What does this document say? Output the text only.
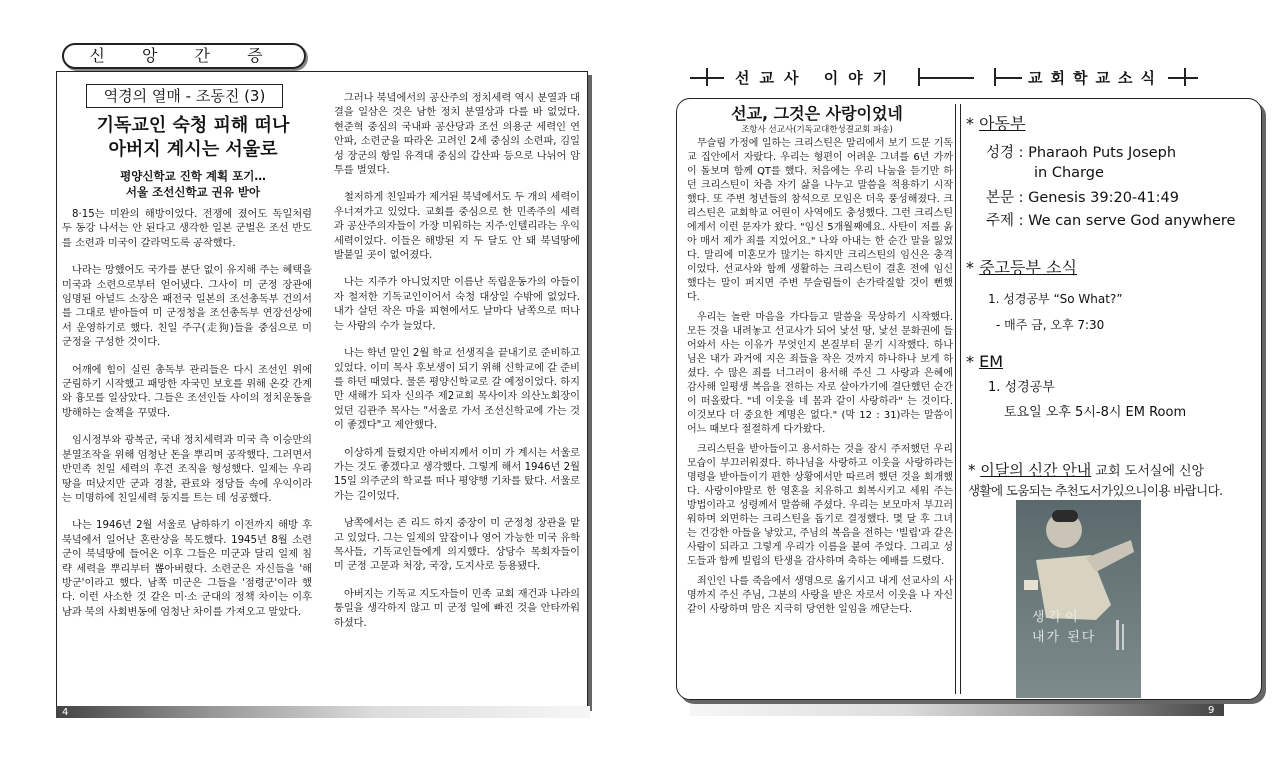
신 앙 간 증
역경의 열매 - 조동진 (3)
기독교인 숙청 피해 떠나
아버지 계시는 서울로
평양신학교 진학 계획 포기…
서울 조선신학교 권유 받아

8·15는 미완의 해방이었다. 전쟁에 졌어도 독일처럼 두 동강 나서는 안 된다고 생각한 일본 군벌은 조선 반도를 소련과 미국이 갈라먹도록 공작했다.

나라는 망했어도 국가를 분단 없이 유지해 주는 혜택을 미국과 소련으로부터 얻어냈다. 그사이 미 군정 장관에 임명된 아널드 소장은 패전국 일본의 조선총독부 건의서를 그대로 받아들여 미 군정청을 조선총독부 연장선상에서 운영하기로 했다. 친일 주구(走狗)들을 중심으로 미 군정을 구성한 것이다.

어깨에 힘이 실린 총독부 관리들은 다시 조선인 위에 군림하기 시작했고 패망한 자국민 보호를 위해 온갖 간계와 흉모를 일삼았다. 그들은 조선인들 사이의 정치운동을 방해하는 술책을 꾸몄다.

임시정부와 광복군, 국내 정치세력과 미국 측 이승만의 분열조작을 위해 엄청난 돈을 뿌리며 공작했다. 그러면서 반민족 친일 세력의 후견 조직을 형성했다. 일제는 우리 땅을 떠났지만 군과 경찰, 관료와 정당들 속에 우익이라는 미명하에 친일세력 둥지를 트는 데 성공했다.

나는 1946년 2월 서울로 남하하기 이전까지 해방 후 북녘에서 일어난 혼란상을 목도했다. 1945년 8월 소련군이 북녘땅에 들어온 이후 그들은 미군과 달리 일제 침략 세력을 뿌리부터 뽑아버렸다. 소련군은 자신들을 '해방군'이라고 했다. 남쪽 미군은 그들을 '점령군'이라 했다. 이런 사소한 것 같은 미·소 군대의 정책 차이는 이후 남과 북의 사회변동에 엄청난 차이를 가져오고 말았다.

그러나 북녘에서의 공산주의 정치세력 역시 분열과 대결을 일삼은 것은 남한 정치 분열상과 다를 바 없었다. 현준혁 중심의 국내파 공산당과 조선 의용군 세력인 연안파, 소련군을 따라온 고려인 2세 중심의 소련파, 김일성 장군의 항일 유격대 중심의 갑산파 등으로 나뉘어 암투를 벌였다.

철저하게 친일파가 제거된 북녘에서도 두 개의 세력이 우너져가고 있었다. 교회를 중심으로 한 민족주의 세력과 공산주의자들이 가장 미워하는 지주·인텔리라는 우익세력이었다. 이들은 해방된 지 두 달도 안 돼 북녘땅에 발붙일 곳이 없어졌다.

나는 지주가 아니었지만 이름난 독립운동가의 아들이자 철저한 기독교인이어서 숙청 대상일 수밖에 없었다. 내가 살던 작은 마을 피현에서도 날마다 남쪽으로 떠나는 사람의 수가 늘었다.

나는 학년 말인 2월 학교 선생직을 끝내기로 준비하고 있었다. 이미 목사 후보생이 되기 위해 신학교에 갈 준비를 하던 때였다. 물론 평양신학교로 갈 예정이었다. 하지만 새해가 되자 신의주 제2교회 목사이자 의산노회장이었던 김관주 목사는 "서울로 가서 조선신학교에 가는 것이 좋겠다"고 제안했다.

이상하게 들렸지만 아버지께서 이미 가 계시는 서울로 가는 것도 좋겠다고 생각했다. 그렇게 해서 1946년 2월 15일 의주군의 학교를 떠나 평양행 기차를 탔다. 서울로 가는 길이었다.

남쪽에서는 존 리드 하지 중장이 미 군정청 장관을 맡고 있었다. 그는 일제의 앞잡이나 영어 가능한 미국 유학 목사들, 기독교인들에게 의지했다. 상당수 목회자들이 미 군정 고문과 처장, 국장, 도지사로 등용됐다.

아버지는 기독교 지도자들이 민족 교회 재건과 나라의 통일을 생각하지 않고 미 군정 일에 빠진 것을 안타까워하셨다.

4
선교사 이야기	교회학교소식
선교, 그것은 사랑이었네
조항사 선교사(기독교대한성결교회 파송)

무슬림 가정에 일하는 크리스틴은 말리에서 보기 드문 기독교 집안에서 자랐다. 우리는 형편이 어려운 그녀를 6년 가까이 돌보며 함께 QT를 했다. 처음에는 우리 나눔을 듣기만 하던 크리스틴이 차츰 자기 삶을 나누고 말씀을 적용하기 시작했다. 또 주변 청년들의 참석으로 모임은 더욱 풍성해졌다. 크리스틴은 교회학교 어린이 사역에도 충성했다. 그런 크리스틴에게서 이런 문자가 왔다. "임신 5개월째예요. 사탄이 저를 옭아 매서 제가 죄를 지었어요." 나와 아내는 한 순간 말을 잃었다. 말리에 미혼모가 많기는 하지만 크리스틴의 임신은 충격이었다. 선교사와 함께 생활하는 크리스틴이 결혼 전에 임신했다는 말이 퍼지면 주변 무슬림들이 손가락질할 것이 뻔했다.

우리는 놀란 마음을 가다듬고 말씀을 묵상하기 시작했다. 모든 것을 내려놓고 선교사가 되어 낯선 땅, 낯선 문화권에 들어와서 사는 이유가 무엇인지 본질부터 묻기 시작했다. 하나님은 내가 과거에 지은 죄들을 작은 것까지 하나하나 보게 하셨다. 수 많은 죄를 너그러이 용서해 주신 그 사랑과 은혜에 감사해 일평생 복음을 전하는 자로 살아가기에 결단했던 순간이 떠올랐다. "네 이웃을 네 몸과 같이 사랑하라" 는 것이다. 이것보다 더 중요한 계명은 없다." (막 12 : 31)라는 말씀이 어느 때보다 절절하게 다가왔다.

크리스틴을 받아들이고 용서하는 것을 잠시 주저했던 우리 모습이 부끄러워졌다. 하나님을 사랑하고 이웃을 사랑하라는 명령을 받아들이기 편한 상황에서만 따르려 했던 것을 회개했다. 사랑이야말로 한 영혼을 치유하고 회복시키고 세워 주는 방법이라고 성령께서 말씀해 주셨다. 우리는 보모마저 부끄러워하며 외면하는 크리스틴을 돕기로 결정했다. 몇 달 후 그녀는 건강한 아들을 낳았고, 주님의 복음을 전하는 '빌립'과 같은 사람이 되라고 그렇게 우리가 이름을 붙여 주었다. 그리고 성도들과 함께 빌립의 탄생을 감사하며 축하는 예배를 드렸다.

죄인인 나를 죽음에서 생명으로 옮기시고 내게 선교사의 사명까지 주신 주님, 그분의 사랑을 받은 자로서 이웃을 나 자신같이 사랑하며 맘은 지극히 당연한 일임을 깨닫는다.

* 아동부
성경 : Pharaoh Puts Joseph
in Charge
본문 : Genesis 39:20-41:49
주제 : We can serve God anywhere
* 중고등부 소식
1. 성경공부 “So What?”
- 매주 금, 오후 7:30
* EM
1. 성경공부
토요일 오후 5시-8시 EM Room
* 이달의 신간 안내 교회 도서실에 신앙
생활에 도움되는 추천도서가있으니이용 바랍니다.
생각이
내가 된다
9
